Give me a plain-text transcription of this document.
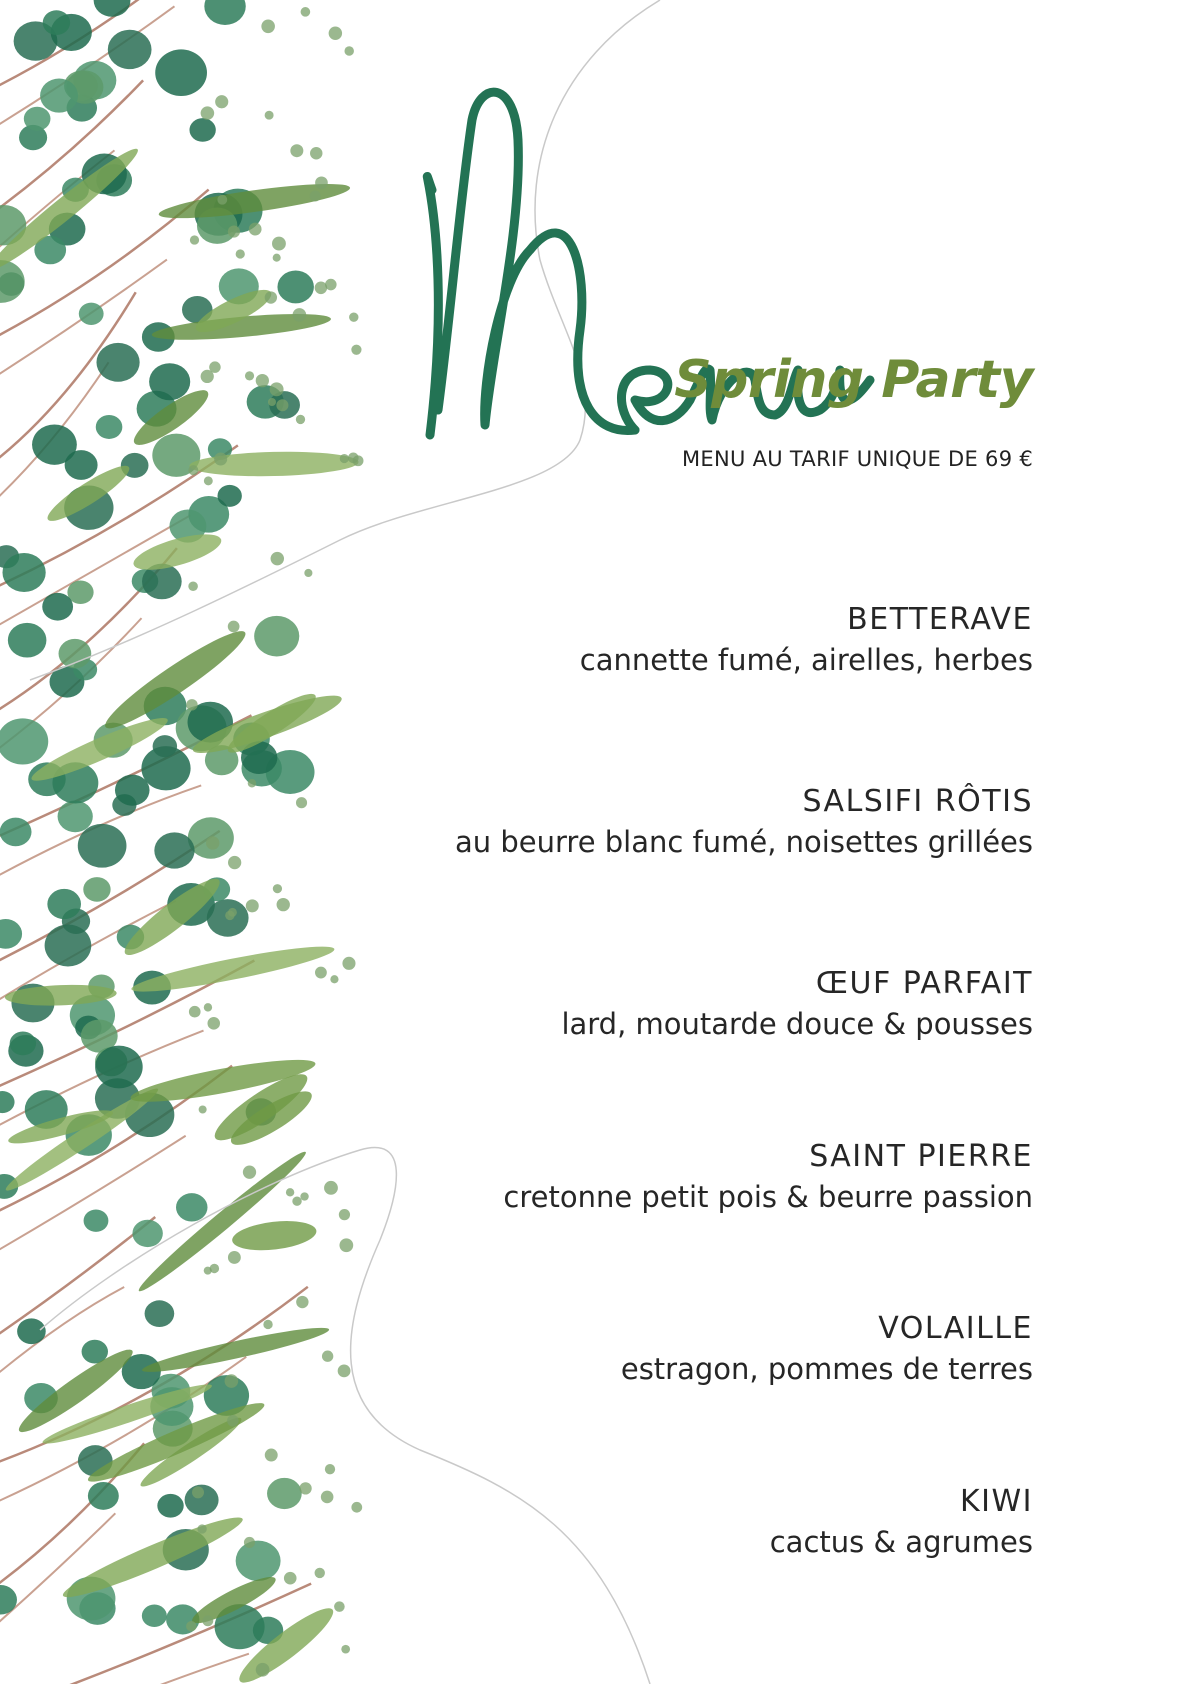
Spring Party
MENU AU TARIF UNIQUE DE 69 €
BETTERAVE
cannette fumé, airelles, herbes
SALSIFI RÔTIS
au beurre blanc fumé, noisettes grillées
ŒUF PARFAIT
lard, moutarde douce & pousses
SAINT PIERRE
cretonne petit pois & beurre passion
VOLAILLE
estragon, pommes de terres
KIWI
cactus & agrumes
